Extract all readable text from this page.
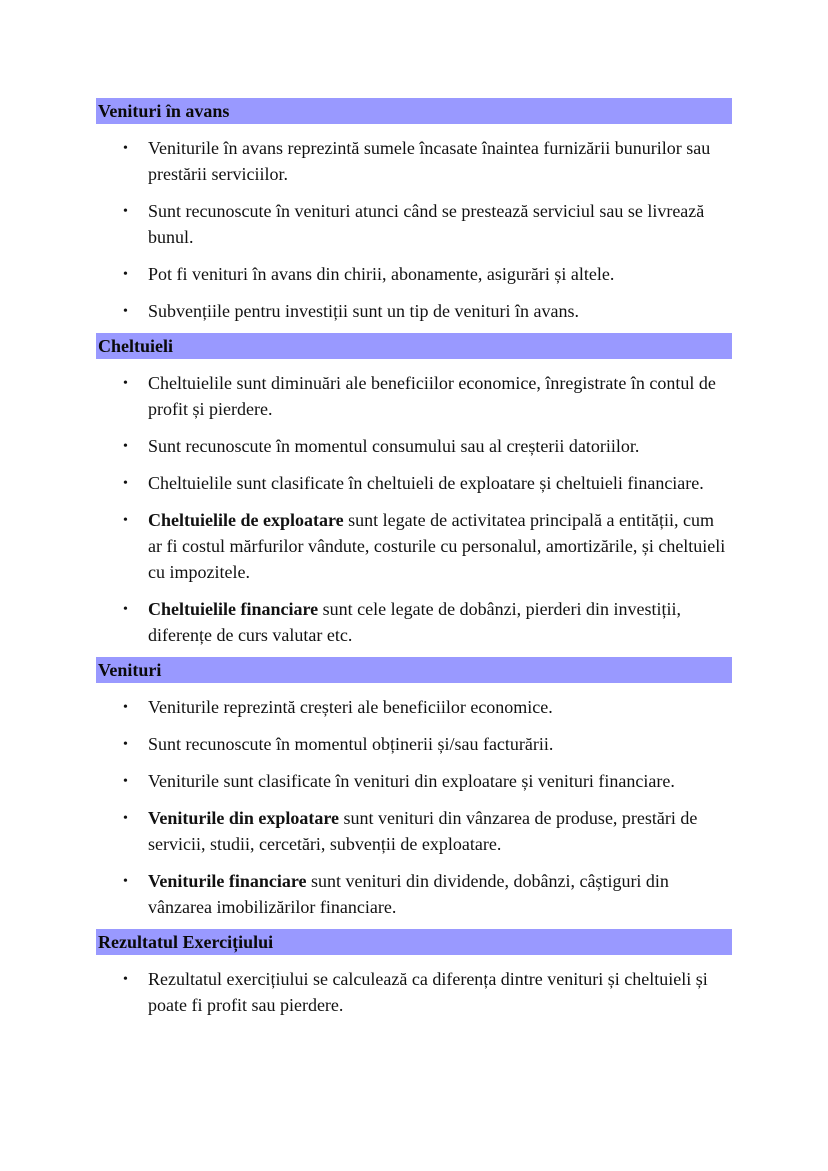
Venituri în avans
• Veniturile în avans reprezintă sumele încasate înaintea furnizării bunurilor sau prestării serviciilor.
• Sunt recunoscute în venituri atunci când se prestează serviciul sau se livrează bunul.
• Pot fi venituri în avans din chirii, abonamente, asigurări și altele.
• Subvențiile pentru investiții sunt un tip de venituri în avans.
Cheltuieli
• Cheltuielile sunt diminuări ale beneficiilor economice, înregistrate în contul de profit și pierdere.
• Sunt recunoscute în momentul consumului sau al creșterii datoriilor.
• Cheltuielile sunt clasificate în cheltuieli de exploatare și cheltuieli financiare.
• Cheltuielile de exploatare sunt legate de activitatea principală a entității, cum ar fi costul mărfurilor vândute, costurile cu personalul, amortizările, și cheltuieli cu impozitele.
• Cheltuielile financiare sunt cele legate de dobânzi, pierderi din investiții, diferențe de curs valutar etc.
Venituri
• Veniturile reprezintă creșteri ale beneficiilor economice.
• Sunt recunoscute în momentul obținerii și/sau facturării.
• Veniturile sunt clasificate în venituri din exploatare și venituri financiare.
• Veniturile din exploatare sunt venituri din vânzarea de produse, prestări de servicii, studii, cercetări, subvenții de exploatare.
• Veniturile financiare sunt venituri din dividende, dobânzi, câștiguri din vânzarea imobilizărilor financiare.
Rezultatul Exercițiului
• Rezultatul exercițiului se calculează ca diferența dintre venituri și cheltuieli și poate fi profit sau pierdere.
